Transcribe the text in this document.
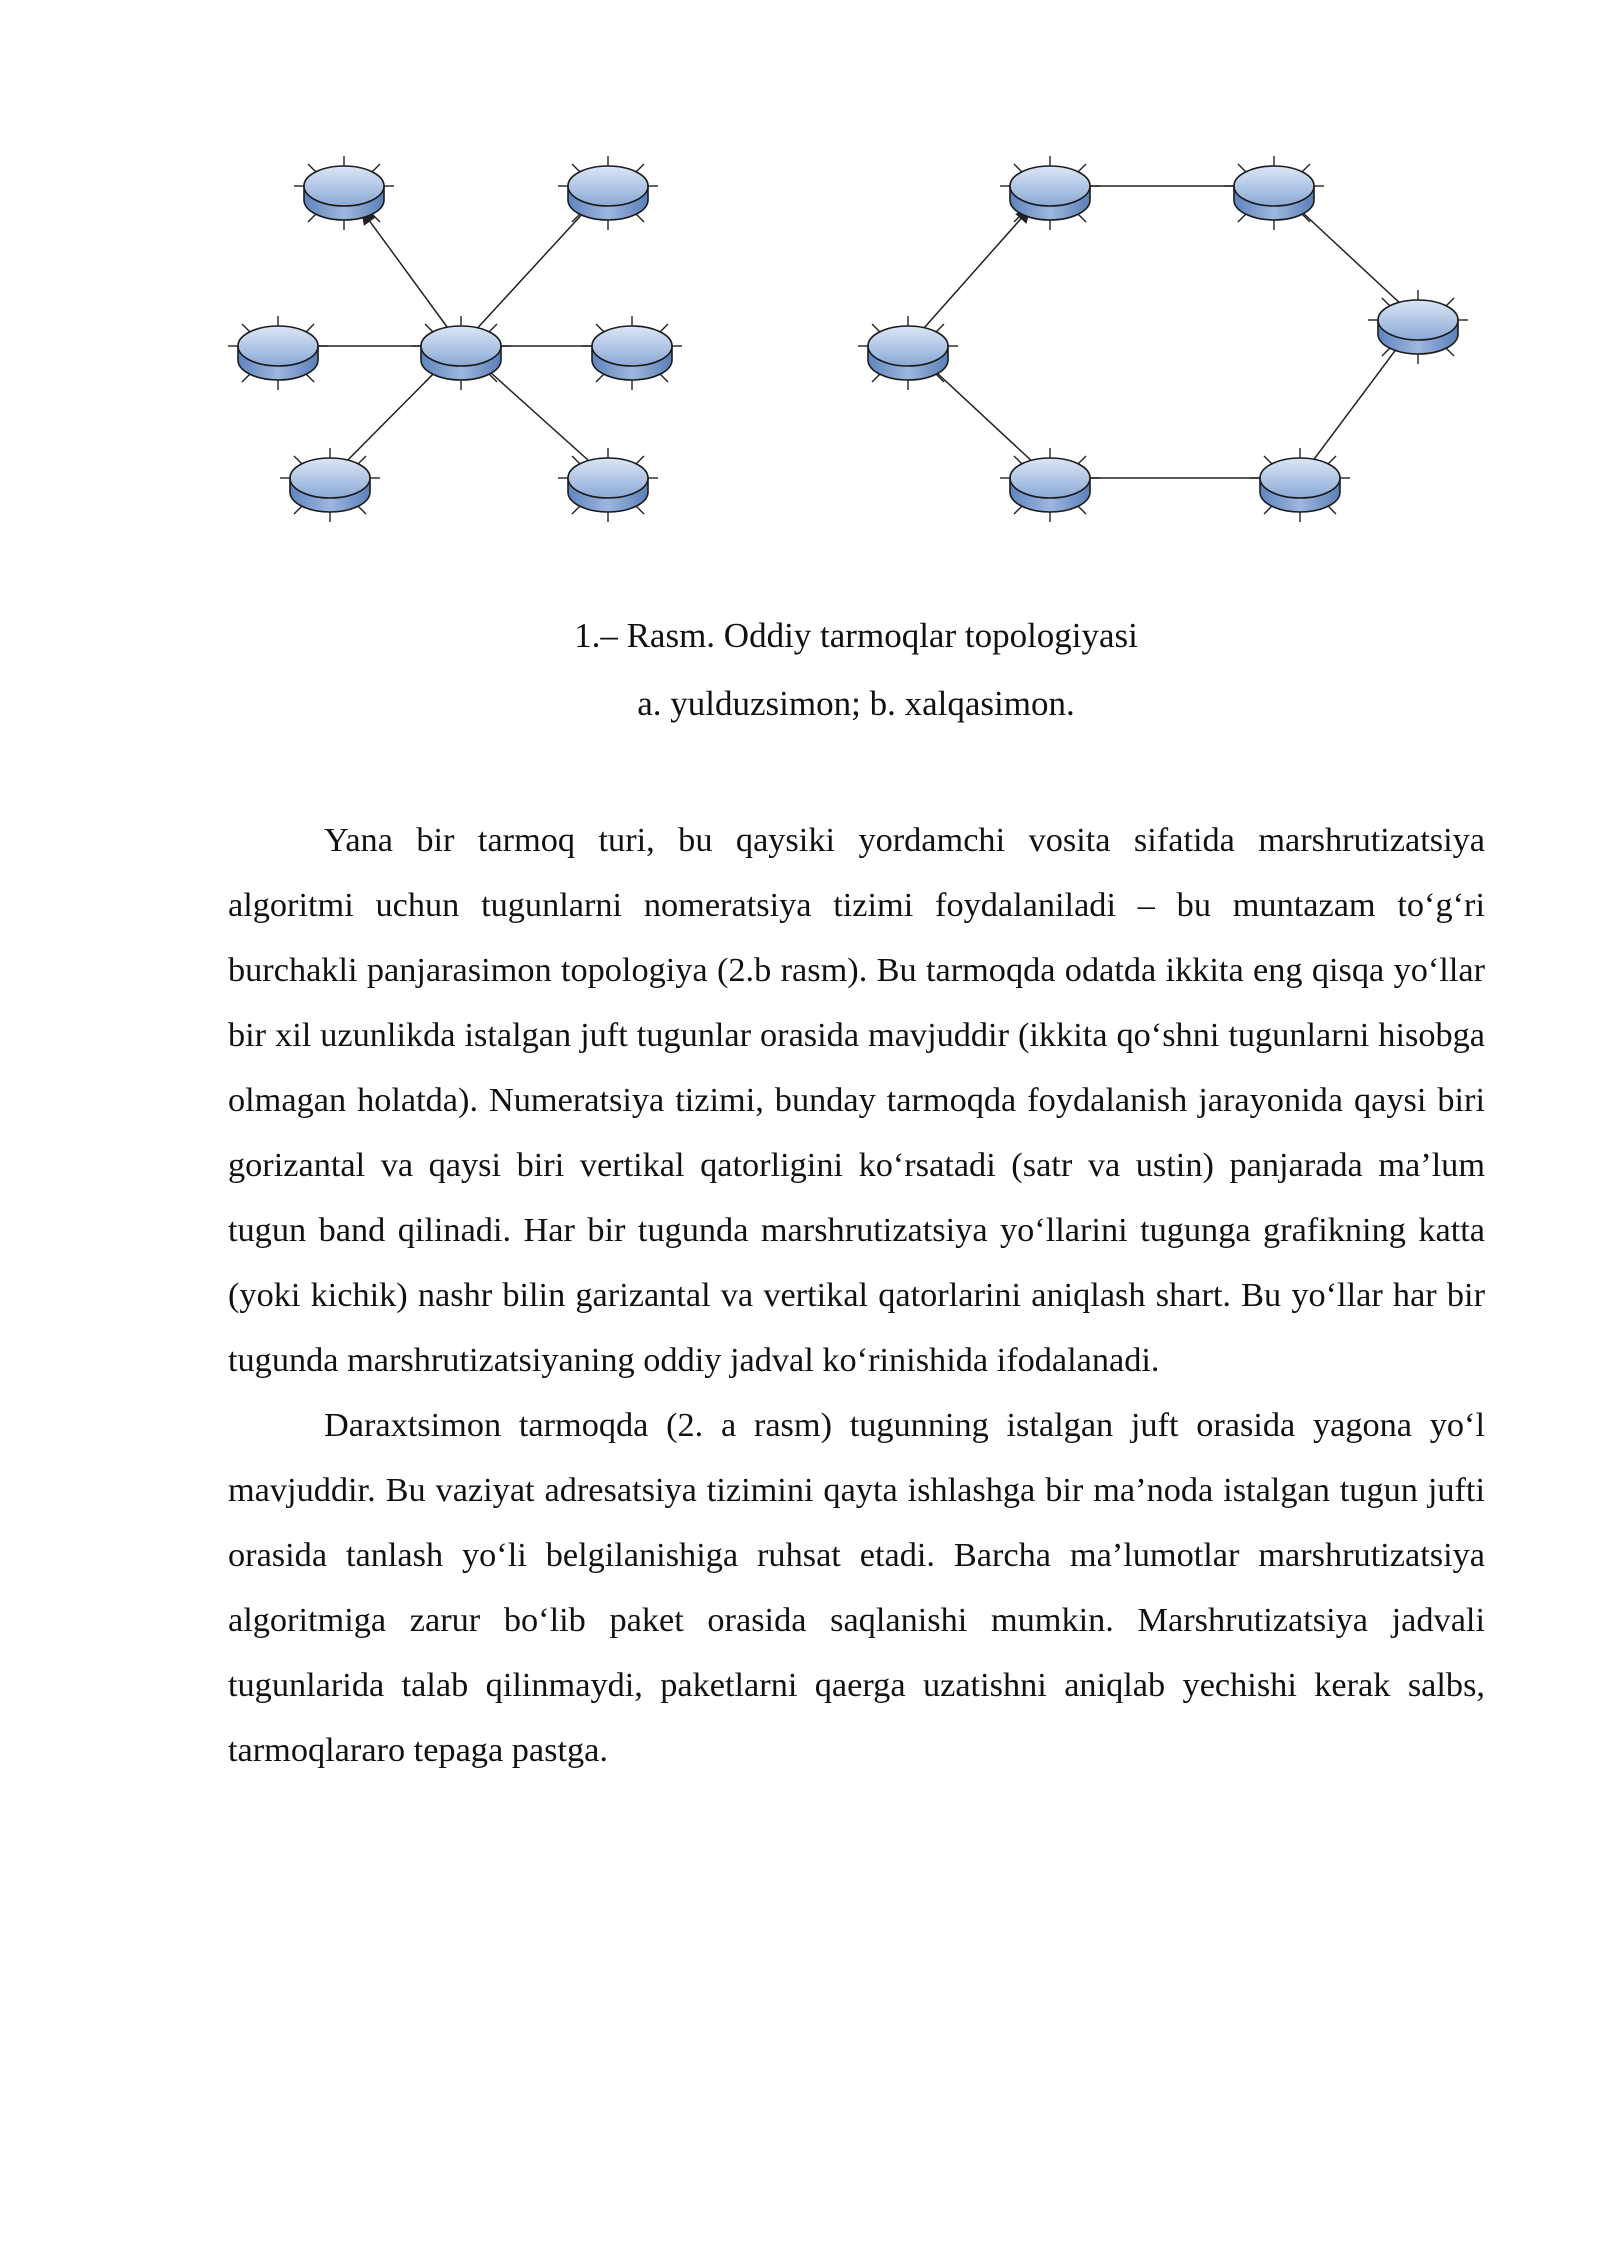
1.– Rasm. Oddiy tarmoqlar topologiyasi
a. yulduzsimon; b. xalqasimon.

Yana bir tarmoq turi, bu qaysiki yordamchi vosita sifatida marshrutizatsiya algoritmi uchun tugunlarni nomeratsiya tizimi foydalaniladi – bu muntazam to‘g‘ri burchakli panjarasimon topologiya (2.b rasm). Bu tarmoqda odatda ikkita eng qisqa yo‘llar bir xil uzunlikda istalgan juft tugunlar orasida mavjuddir (ikkita qo‘shni tugunlarni hisobga olmagan holatda). Numeratsiya tizimi, bunday tarmoqda foydalanish jarayonida qaysi biri gorizantal va qaysi biri vertikal qatorligini ko‘rsatadi (satr va ustin) panjarada ma’lum tugun band qilinadi. Har bir tugunda marshrutizatsiya yo‘llarini tugunga grafikning katta (yoki kichik) nashr bilin garizantal va vertikal qatorlarini aniqlash shart. Bu yo‘llar har bir tugunda marshrutizatsiyaning oddiy jadval ko‘rinishida ifodalanadi.

Daraxtsimon tarmoqda (2. a rasm) tugunning istalgan juft orasida yagona yo‘l mavjuddir. Bu vaziyat adresatsiya tizimini qayta ishlashga bir ma’noda istalgan tugun jufti orasida tanlash yo‘li belgilanishiga ruhsat etadi. Barcha ma’lumotlar marshrutizatsiya algoritmiga zarur bo‘lib paket orasida saqlanishi mumkin. Marshrutizatsiya jadvali tugunlarida talab qilinmaydi, paketlarni qaerga uzatishni aniqlab yechishi kerak salbs, tarmoqlararo tepaga pastga.
